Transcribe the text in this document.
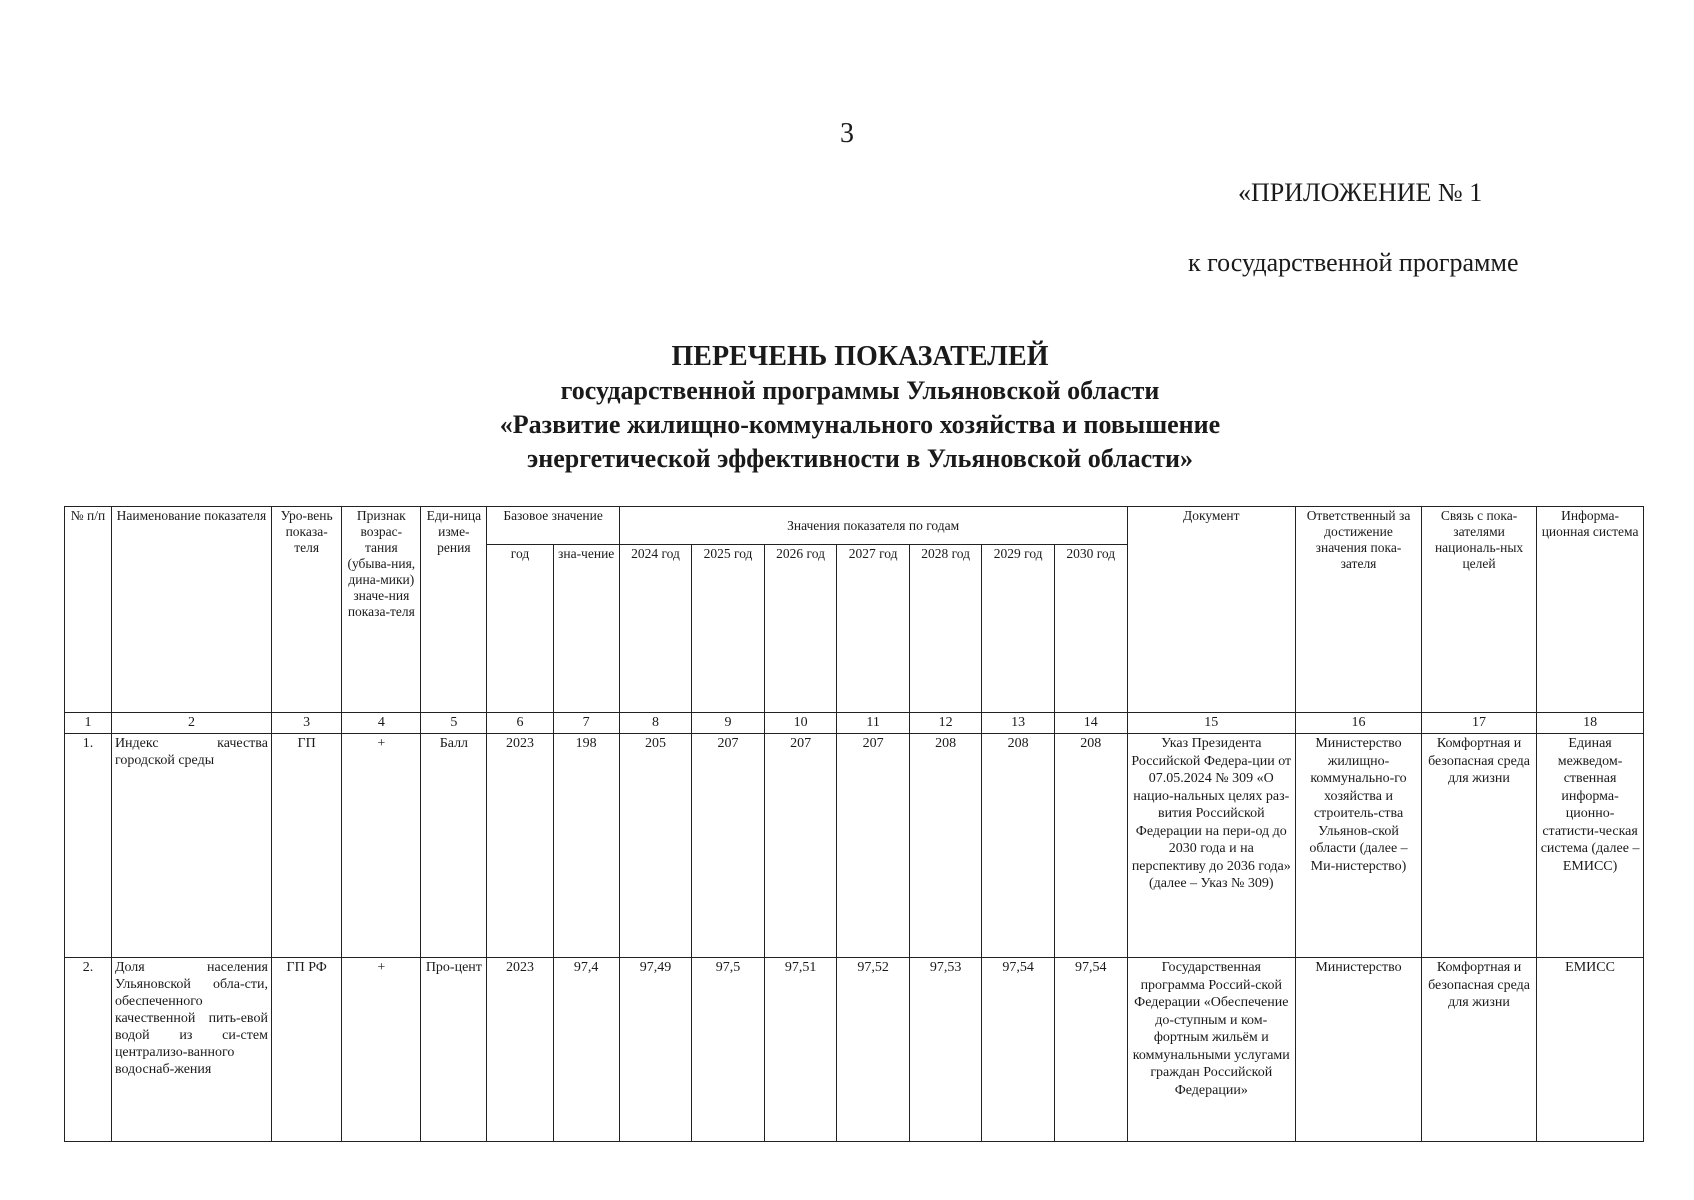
3
«ПРИЛОЖЕНИЕ № 1
к государственной программе
ПЕРЕЧЕНЬ ПОКАЗАТЕЛЕЙ
государственной программы Ульяновской области
«Развитие жилищно-коммунального хозяйства и повышение
энергетической эффективности в Ульяновской области»
№ п/п	Наименование показателя	Уро-вень показа-теля	Признак возрас-тания (убыва-ния, дина-мики) значе-ния показа-теля	Еди-ница изме-рения	Базовое значение		Значения показателя по годам							Документ	Ответственный за достижение значения пока-зателя	Связь с пока-зателями националь-ных целей	Информа-ционная система
					год	зна-чение	2024 год	2025 год	2026 год	2027 год	2028 год	2029 год	2030 год				
1	2	3	4	5	6	7	8	9	10	11	12	13	14	15	16	17	18
1.	Индекс качества городской среды	ГП	+	Балл	2023	198	205	207	207	207	208	208	208	Указ Президента Российской Федера-ции от 07.05.2024 № 309 «О нацио-нальных целях раз-вития Российской Федерации на пери-од до 2030 года и на перспективу до 2036 года» (далее – Указ № 309)	Министерство жилищно-коммунально-го хозяйства и строитель-ства Ульянов-ской области (далее – Ми-нистерство)	Комфортная и безопасная среда для жизни	Единая межведом-ственная информа-ционно-статисти-ческая система (далее – ЕМИСС)
2.	Доля населения Ульяновской обла-сти, обеспеченного качественной пить-евой водой из си-стем централизо-ванного водоснаб-жения	ГП РФ	+	Про-цент	2023	97,4	97,49	97,5	97,51	97,52	97,53	97,54	97,54	Государственная программа Россий-ской Федерации «Обеспечение до-ступным и ком-фортным жильём и коммунальными услугами граждан Российской Федерации»	Министерство	Комфортная и безопасная среда для жизни	ЕМИСС
